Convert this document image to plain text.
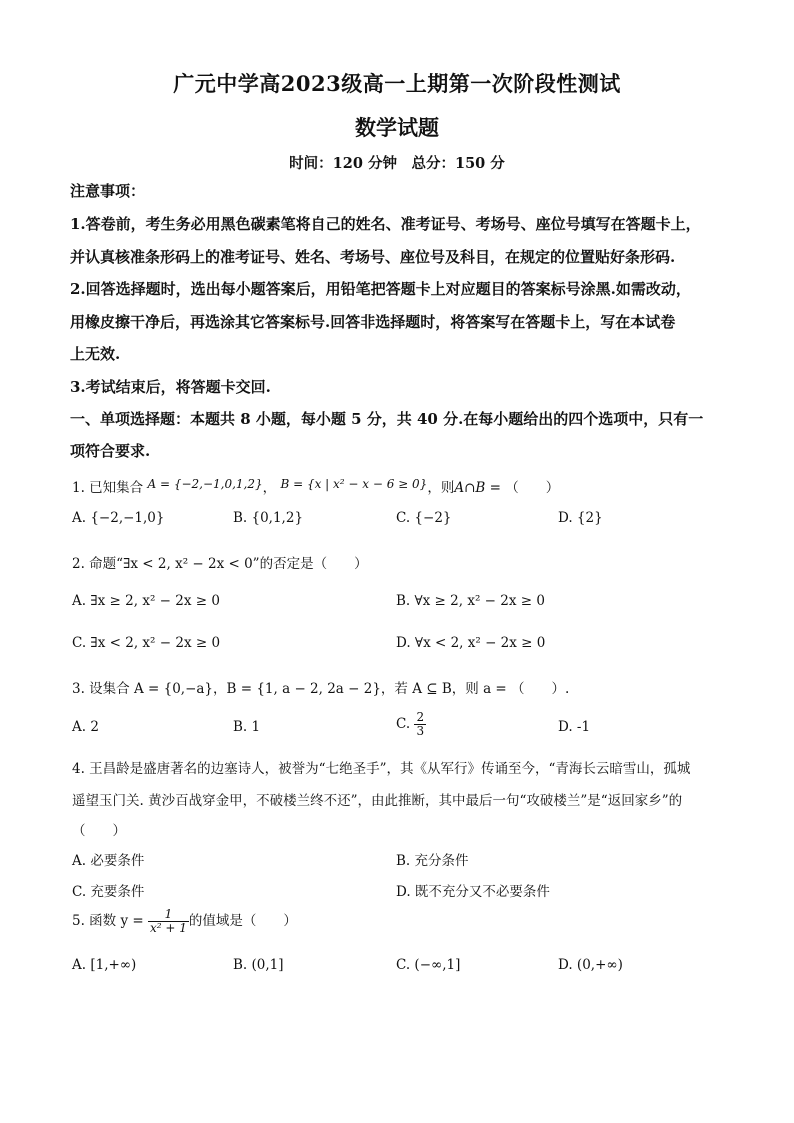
广元中学高2023级高一上期第一次阶段性测试
数学试题
时间：120 分钟　总分：150 分
注意事项：
1.答卷前，考生务必用黑色碳素笔将自己的姓名、准考证号、考场号、座位号填写在答题卡上，
并认真核准条形码上的准考证号、姓名、考场号、座位号及科目，在规定的位置贴好条形码.
2.回答选择题时，选出每小题答案后，用铅笔把答题卡上对应题目的答案标号涂黑.如需改动，
用橡皮擦干净后，再选涂其它答案标号.回答非选择题时，将答案写在答题卡上，写在本试卷
上无效.
3.考试结束后，将答题卡交回.
一、单项选择题：本题共 8 小题，每小题 5 分，共 40 分.在每小题给出的四个选项中，只有一
项符合要求.
1. 已知集合 A = {−2,−1,0,1,2}， B = {x | x² − x − 6 ≥ 0}，则A∩B = （　　）
A. {−2,−1,0}	B. {0,1,2}	C. {−2}	D. {2}
2. 命题“∃x < 2, x² − 2x < 0”的否定是（　　）
A. ∃x ≥ 2, x² − 2x ≥ 0	B. ∀x ≥ 2, x² − 2x ≥ 0
C. ∃x < 2, x² − 2x ≥ 0	D. ∀x < 2, x² − 2x ≥ 0
3. 设集合 A = {0,−a}，B = {1, a − 2, 2a − 2}，若 A ⊆ B，则 a = （　　）.
A. 2	B. 1	C. $\frac{2}{3}$	D. -1
4. 王昌龄是盛唐著名的边塞诗人，被誉为“七绝圣手”，其《从军行》传诵至今，“青海长云暗雪山，孤城
遥望玉门关. 黄沙百战穿金甲，不破楼兰终不还”，由此推断，其中最后一句“攻破楼兰”是“返回家乡”的
（　　）
A. 必要条件	B. 充分条件
C. 充要条件	D. 既不充分又不必要条件
5. 函数 $y = \frac{1}{\text{x² + 1}}$ 的值域是（　　）
A. [1,+∞)	B. (0,1]	C. (−∞,1]	D. (0,+∞)
